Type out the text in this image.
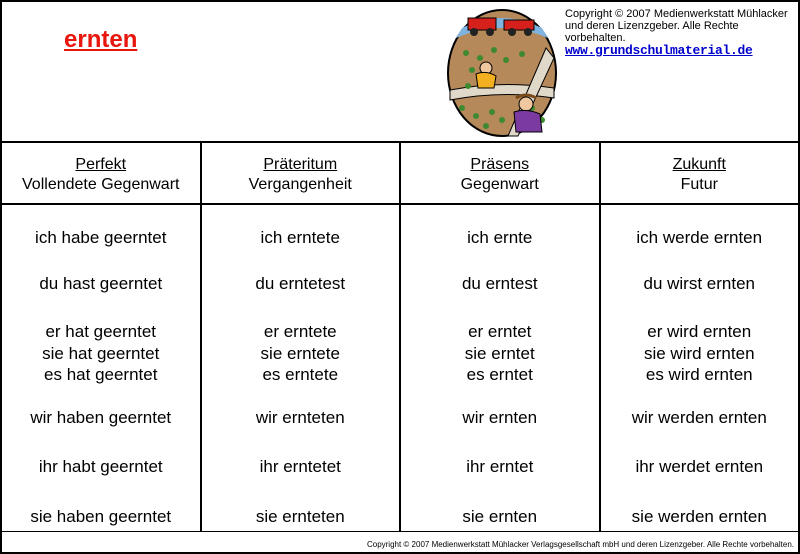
ernten
Copyright © 2007 Medienwerkstatt Mühlacker
und deren Lizenzgeber. Alle Rechte vorbehalten.
www.grundschulmaterial.de
Perfekt
Vollendete Gegenwart
Präteritum
Vergangenheit
Präsens
Gegenwart
Zukunft
Futur
ich habe geerntet
du hast geerntet
er hat geerntet
sie hat geerntet
es hat geerntet
wir haben geerntet
ihr habt geerntet
sie haben geerntet
ich erntete
du erntetest
er erntete
sie erntete
es erntete
wir ernteten
ihr erntetet
sie ernteten
ich ernte
du erntest
er erntet
sie erntet
es erntet
wir ernten
ihr erntet
sie ernten
ich werde ernten
du wirst ernten
er wird ernten
sie wird ernten
es wird ernten
wir werden ernten
ihr werdet ernten
sie werden ernten
Copyright © 2007 Medienwerkstatt Mühlacker Verlagsgesellschaft mbH und deren Lizenzgeber. Alle Rechte vorbehalten.
